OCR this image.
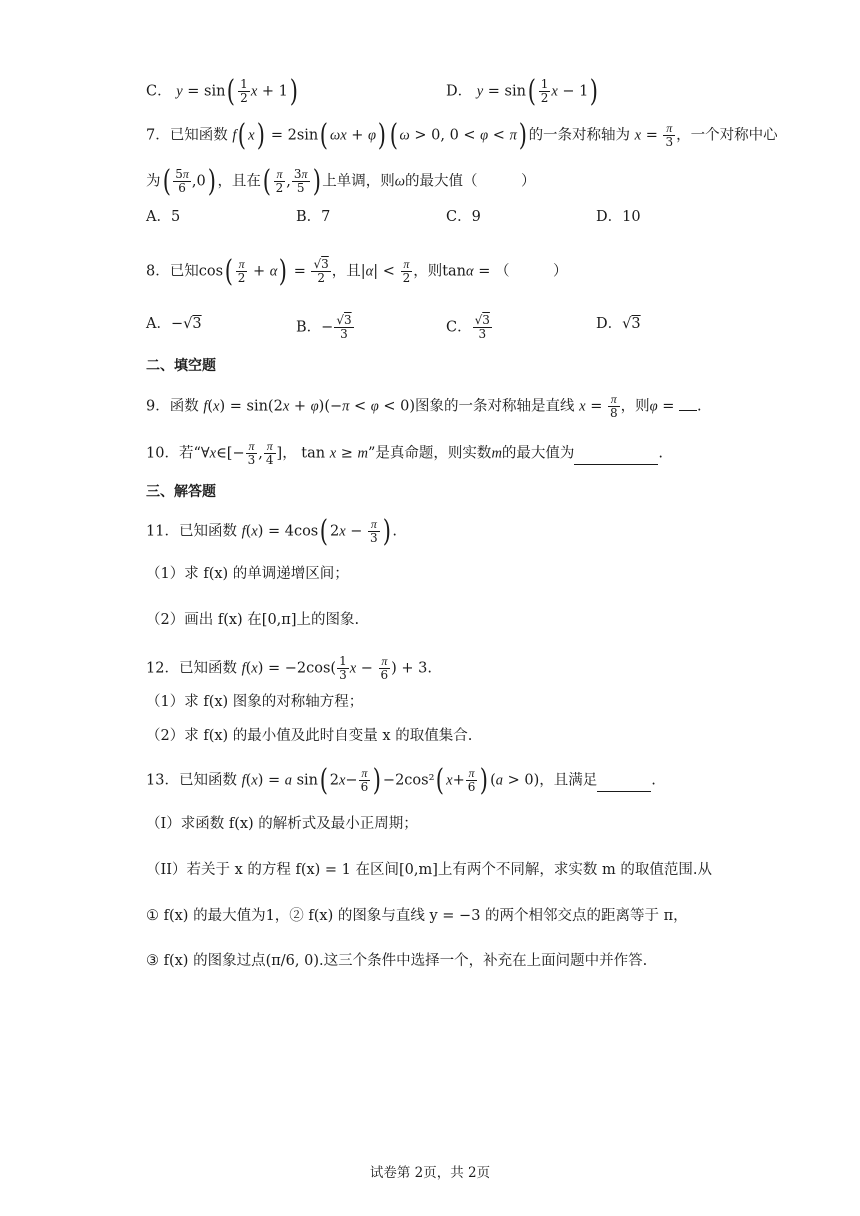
C． $y = \sin( \frac{1}{2}$ x + 1)	D． $y = \sin( \frac{1}{2}$ x − 1)
7．已知函数 f( x) = 2sin( ωx + φ) ( ω > 0, 0 < φ < π) 的一条对称轴为 $x = \frac{\pi}{3}$ ，一个对称中心
为( $\frac{5\pi}{6} ,0$) ，且在( $\frac{\pi}{2}$ , $\frac{3\pi}{5}$ ) 上单调，则ω的最大值（　　　）
A．5	B．7	C．9	D．10
8．已知$\cos( \frac{\pi}{2} + \alpha) = \frac{√3}{2}$ ，且$|\alpha| < \frac{\pi}{2}$ ，则tanα = （　　　）
A．−√3	B．− $\frac{√3}{3}$	C． $\frac{√3}{3}$	D．√3
二、填空题
9．函数 f(x) = sin(2x + φ)(−π < φ < 0)图象的一条对称轴是直线 $x = \frac{\pi}{8}$ ，则φ = .
10．若“∀x∈[− $\frac{\pi}{3}$ , $\frac{\pi}{4}$ ]， tan x ≥ m”是真命题，则实数m的最大值为	.
三、解答题
11．已知函数 f(x) = 4cos( $2x - \frac{\pi}{3}$ ) .
（1）求 f(x) 的单调递增区间；
（2）画出 f(x) 在[0,π]上的图象.
12．已知函数 $f(x) = -2\cos( \frac{1}{3}$ $x - \frac{\pi}{6}$ ) + 3.
（1）求 f(x) 图象的对称轴方程；
（2）求 f(x) 的最小值及此时自变量 x 的取值集合.
13．已知函数 f(x) = a sin( $2x- \frac{\pi}{6}$ ) −2cos²( $x+ \frac{\pi}{6}$ ) (a > 0)，且满足	.
（I）求函数 f(x) 的解析式及最小正周期；
（II）若关于 x 的方程 f(x) = 1 在区间[0,m]上有两个不同解，求实数 m 的取值范围.从
① f(x) 的最大值为1，② f(x) 的图象与直线 y = −3 的两个相邻交点的距离等于 π，
③ f(x) 的图象过点(π/6, 0).这三个条件中选择一个，补充在上面问题中并作答.
试卷第 2页，共 2页
